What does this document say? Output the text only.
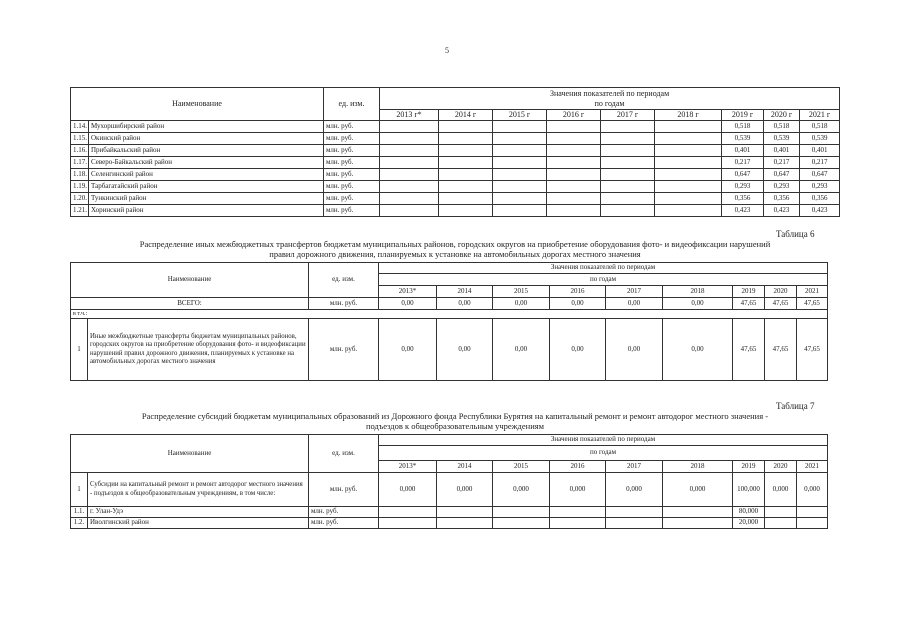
5
Наименование		ед. изм.	Значения показателей по периодам
по годам								

			2013 г*	2014 г	2015 г	2016 г	2017 г	2018 г	2019 г	2020 г	2021 г
1.14.	Мухоршибирский район	млн. руб.							0,518	0,518	0,518
1.15.	Окинский район	млн. руб.							0,539	0,539	0,539
1.16.	Прибайкальский район	млн. руб.							0,401	0,401	0,401
1.17.	Северо-Байкальский район	млн. руб.							0,217	0,217	0,217
1.18.	Селенгинский район	млн. руб.							0,647	0,647	0,647
1.19.	Тарбагатайский район	млн. руб.							0,293	0,293	0,293
1.20.	Тункинский район	млн. руб.							0,356	0,356	0,356
1.21.	Хоринский район	млн. руб.							0,423	0,423	0,423
Таблица 6
Распределение иных межбюджетных трансфертов бюджетам муниципальных районов, городских округов на приобретение оборудования фото- и видеофиксации нарушений
правил дорожного движения, планируемых к установке на автомобильных дорогах местного значения
Наименование		ед. изм.	Значения показателей по периодам								
			по годам								
			2013*	2014	2015	2016	2017	2018	2019	2020	2021
ВСЕГО:		млн. руб.	0,00	0,00	0,00	0,00	0,00	0,00	47,65	47,65	47,65
в т.ч.:											
1	Иные межбюджетные трансферты бюджетам муниципальных районов, городских округов на приобретение оборудования фото- и видеофиксации нарушений правил дорожного движения, планируемых к установке на автомобильных дорогах местного значения	млн. руб.	0,00	0,00	0,00	0,00	0,00	0,00	47,65	47,65	47,65
Таблица 7
Распределение субсидий бюджетам муниципальных образований из Дорожного фонда Республики Бурятия на капитальный ремонт и ремонт автодорог местного значения -
подъездов к общеобразовательным учреждениям
Наименование		ед. изм.	Значения показателей по периодам								
			по годам								
			2013*	2014	2015	2016	2017	2018	2019	2020	2021
1	Субсидии на капитальный ремонт и ремонт автодорог местного значения - подъездов к общеобразовательным учреждениям, в том числе:	млн. руб.	0,000	0,000	0,000	0,000	0,000	0,000	100,000	0,000	0,000
1.1.	г. Улан-Удэ	млн. руб.							80,000		
1.2.	Иволгинский район	млн. руб.							20,000		
